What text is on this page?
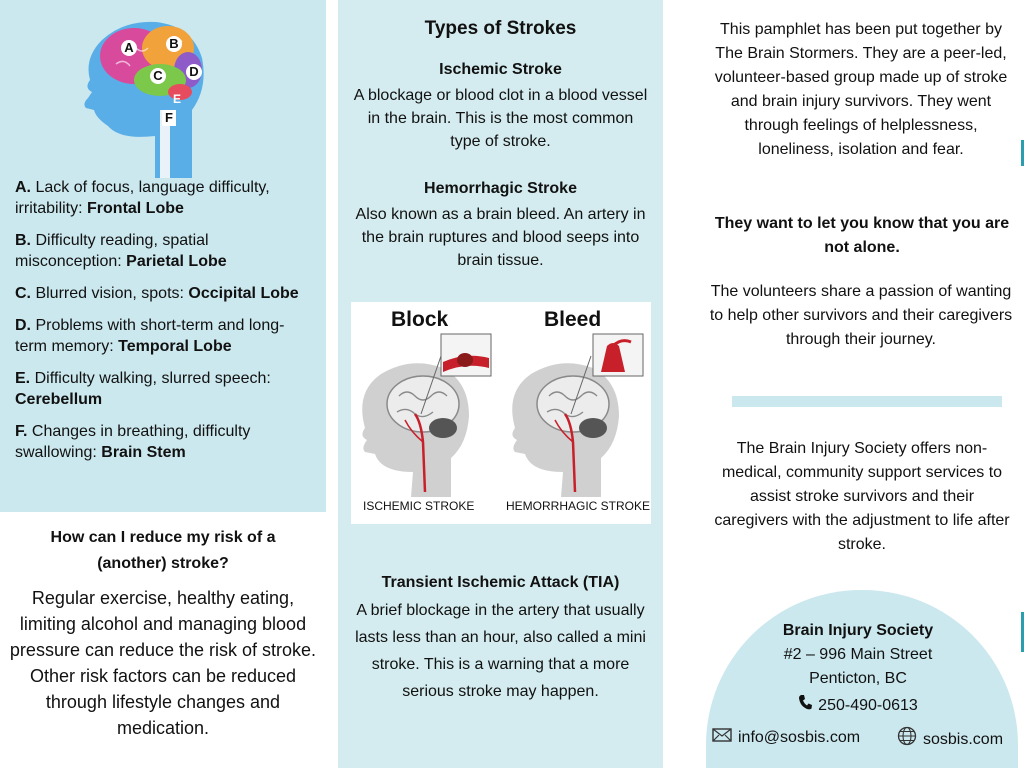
A	B
C D
E
F

A. Lack of focus, language difficulty, irritability: Frontal Lobe

B. Difficulty reading, spatial misconception: Parietal Lobe

C. Blurred vision, spots: Occipital Lobe

D. Problems with short-term and long-term memory: Temporal Lobe

E. Difficulty walking, slurred speech: Cerebellum

F. Changes in breathing, difficulty swallowing: Brain Stem

How can I reduce my risk of a (another) stroke?

Regular exercise, healthy eating, limiting alcohol and managing blood pressure can reduce the risk of stroke. Other risk factors can be reduced through lifestyle changes and medication.

Types of Strokes

Ischemic Stroke

A blockage or blood clot in a blood vessel in the brain. This is the most common type of stroke.

Hemorrhagic Stroke

Also known as a brain bleed. An artery in the brain ruptures and blood seeps into brain tissue.

Block	Bleed
ISCHEMIC STROKE	HEMORRHAGIC STROKE

Transient Ischemic Attack (TIA)

A brief blockage in the artery that usually lasts less than an hour, also called a mini stroke. This is a warning that a more serious stroke may happen.

This pamphlet has been put together by The Brain Stormers. They are a peer-led, volunteer-based group made up of stroke and brain injury survivors. They went through feelings of helplessness, loneliness, isolation and fear.

They want to let you know that you are not alone.

The volunteers share a passion of wanting to help other survivors and their caregivers through their journey.

The Brain Injury Society offers non-medical, community support services to assist stroke survivors and their caregivers with the adjustment to life after stroke.

Brain Injury Society

#2 – 996 Main Street

Penticton, BC

250-490-0613

info@sosbis.com	sosbis.com
